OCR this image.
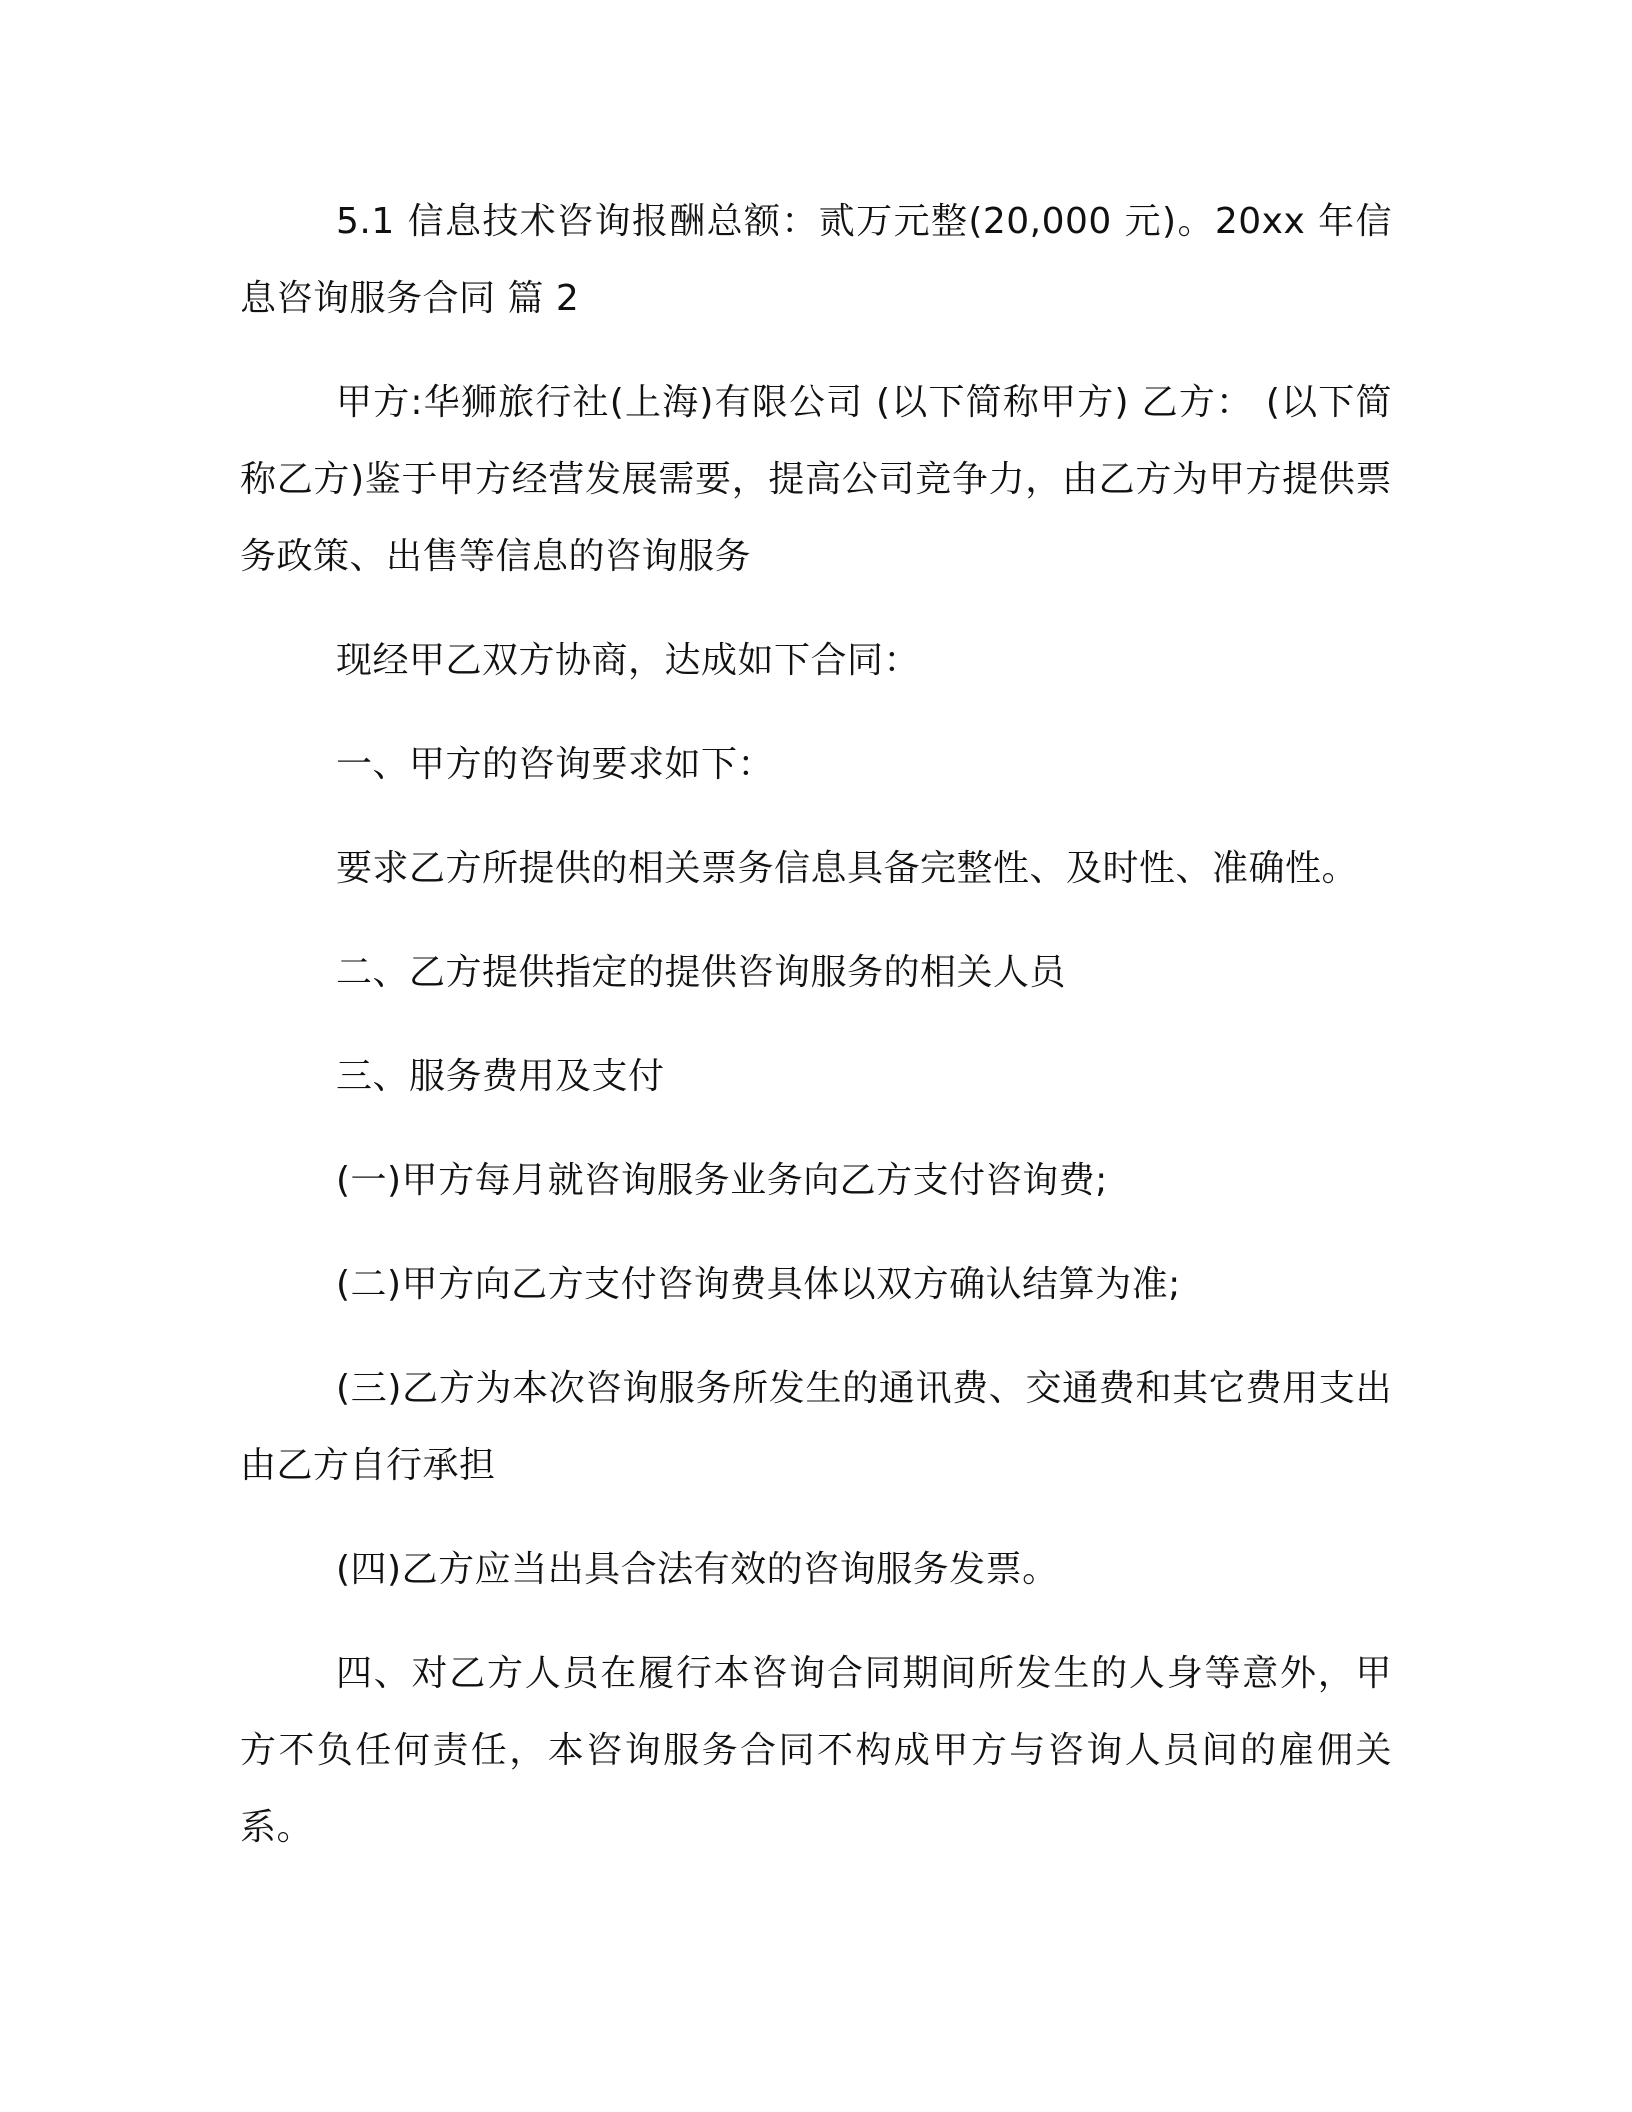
5.1 信息技术咨询报酬总额：贰万元整(20,000 元)。20xx 年信息咨询服务合同 篇 2

甲方:华狮旅行社(上海)有限公司 (以下简称甲方) 乙方： (以下简称乙方)鉴于甲方经营发展需要，提高公司竞争力，由乙方为甲方提供票务政策、出售等信息的咨询服务

现经甲乙双方协商，达成如下合同：

一、甲方的咨询要求如下：

要求乙方所提供的相关票务信息具备完整性、及时性、准确性。

二、乙方提供指定的提供咨询服务的相关人员

三、服务费用及支付

(一)甲方每月就咨询服务业务向乙方支付咨询费;

(二)甲方向乙方支付咨询费具体以双方确认结算为准;

(三)乙方为本次咨询服务所发生的通讯费、交通费和其它费用支出由乙方自行承担

(四)乙方应当出具合法有效的咨询服务发票。

四、对乙方人员在履行本咨询合同期间所发生的人身等意外，甲方不负任何责任，本咨询服务合同不构成甲方与咨询人员间的雇佣关系。
